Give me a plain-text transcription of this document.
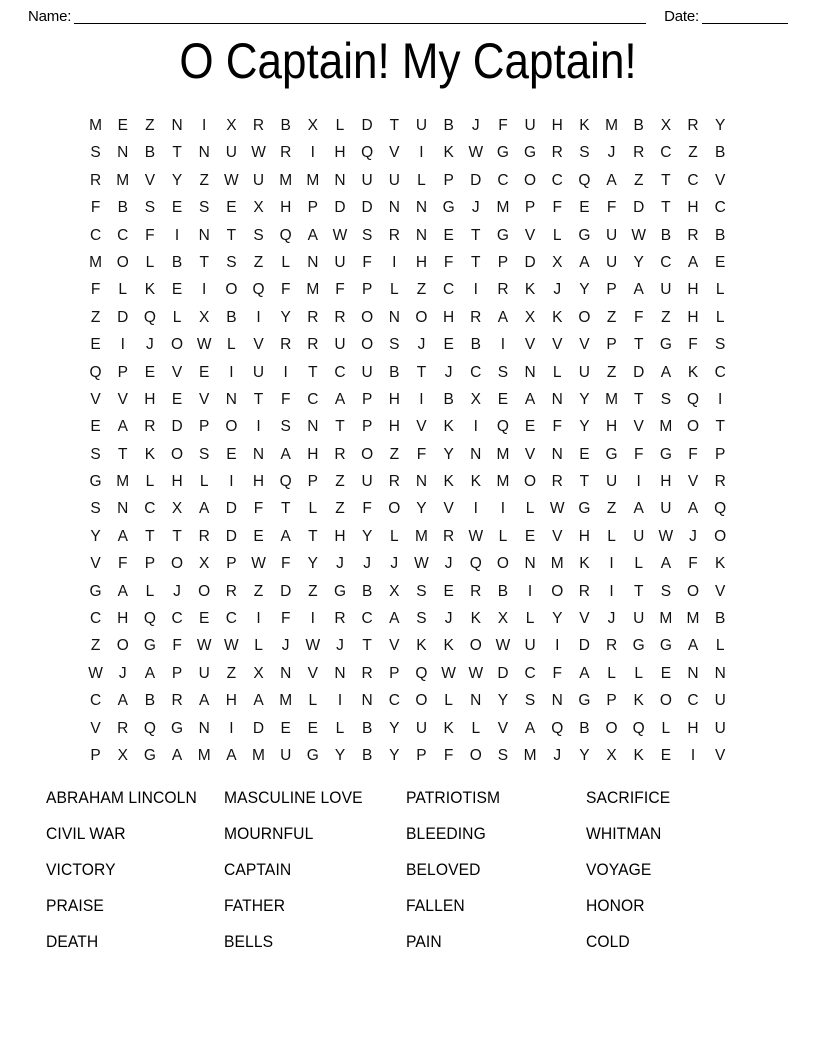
Name:	Date:
O Captain! My Captain!
M	E	Z	N	I	X	R	B	X	L	D	T	U	B	J	F	U	H	K	M	B	X	R	Y
S	N	B	T	N	U W R	I	H	Q	V	I	K W G G	R	S	J	R	C	Z	B
R M	V	Y	Z W U M M N	U	U	L	P	D	C	O	C	Q	A	Z	T	C	V
F	B	S	E	S	E	X	H	P	D	D	N	N	G	J	M	P	F	E	F	D	T	H	C
C	C	F	I	N	T	S	Q	A W S	R	N	E	T	G	V	L	G	U W B	R	B
M O	L	B	T	S	Z	L	N	U	F	I	H	F	T	P	D	X	A	U	Y	C	A	E
F	L	K	E	I	O Q	F	M	F	P	L	Z	C	I	R	K	J	Y	P	A	U	H	L
Z	D	Q	L	X	B	I	Y	R	R	O	N	O	H	R	A	X	K	O	Z	F	Z	H	L
E	I	J	O W	L	V	R	R	U	O	S	J	E	B	I	V	V	V	P	T	G	F	S
Q	P	E	V	E	I	U	I	T	C	U	B	T	J	C	S	N	L	U	Z	D	A	K	C
V	V	H	E	V	N	T	F	C	A	P	H	I	B	X	E	A	N	Y	M	T	S	Q	I
E	A	R	D	P	O	I	S	N	T	P	H	V	K	I	Q	E	F	Y	H	V	M O	T
S	T	K	O	S	E	N	A	H	R	O	Z	F	Y	N M	V	N	E	G	F	G	F	P
G M	L	H	L	I	H	Q	P	Z	U	R	N	K	K	M O	R	T	U	I	H	V	R
S	N	C	X	A	D	F	T	L	Z	F	O	Y	V	I	I	L	W G	Z	A	U	A	Q
Y	A	T	T	R	D	E	A	T	H	Y	L	M R W	L	E	V	H	L	U W	J	O
V	F	P	O	X	P W F	Y	J	J	J	W	J	Q O	N M	K	I	L	A	F	K
G	A	L	J	O	R	Z	D	Z	G	B	X	S	E	R	B	I	O	R	I	T	S	O	V
C	H	Q	C	E	C	I	F	I	R	C	A	S	J	K	X	L	Y	V	J	U M M	B
Z	O G	F W W	L	J	W	J	T	V	K	K	O W U	I	D	R	G G	A	L
W	J	A	P	U	Z	X	N	V	N	R	P	Q W W D	C	F	A	L	L	E	N	N
C	A	B	R	A	H	A	M	L	I	N	C	O	L	N	Y	S	N	G	P	K	O	C	U
V	R	Q G	N	I	D	E	E	L	B	Y	U	K	L	V	A	Q	B	O Q	L	H	U
P	X	G	A	M	A	M U	G	Y	B	Y	P	F	O	S	M	J	Y	X	K	E	I	V
ABRAHAM LINCOLN	MASCULINE LOVE	PATRIOTISM	SACRIFICE
CIVIL WAR	MOURNFUL	BLEEDING	WHITMAN
VICTORY	CAPTAIN	BELOVED	VOYAGE
PRAISE	FATHER	FALLEN	HONOR
DEATH	BELLS	PAIN	COLD
